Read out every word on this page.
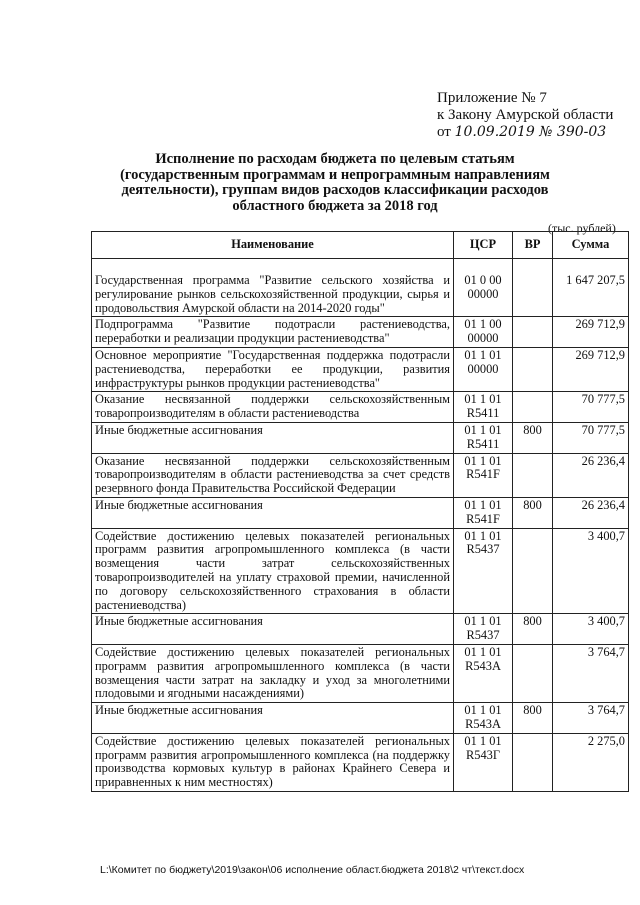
Приложение № 7
к Закону Амурской области
от 10.09.2019 № 390-03
Исполнение по расходам бюджета по целевым статьям (государственным программам и непрограммным направлениям деятельности), группам видов расходов классификации расходов областного бюджета за 2018 год
(тыс. рублей)
Наименование	ЦСР	ВР	Сумма
Государственная программа "Развитие сельского хозяйства и регулирование рынков сельскохозяйственной продукции, сырья и продовольствия Амурской области на 2014-2020 годы"	01 0 00 00000		1 647 207,5
Подпрограмма "Развитие подотрасли растениеводства, переработки и реализации продукции растениеводства"	01 1 00 00000		269 712,9
Основное мероприятие "Государственная поддержка подотрасли растениеводства, переработки ее продукции, развития инфраструктуры рынков продукции растениеводства"	01 1 01 00000		269 712,9
Оказание несвязанной поддержки сельскохозяйственным товаропроизводителям в области растениеводства	01 1 01 R5411		70 777,5
Иные бюджетные ассигнования	01 1 01 R5411	800	70 777,5
Оказание несвязанной поддержки сельскохозяйственным товаропроизводителям в области растениеводства за счет средств резервного фонда Правительства Российской Федерации	01 1 01 R541F		26 236,4
Иные бюджетные ассигнования	01 1 01 R541F	800	26 236,4
Содействие достижению целевых показателей региональных программ развития агропромышленного комплекса (в части возмещения части затрат сельскохозяйственных товаропроизводителей на уплату страховой премии, начисленной по договору сельскохозяйственного страхования в области растениеводства)	01 1 01 R5437		3 400,7
Иные бюджетные ассигнования	01 1 01 R5437	800	3 400,7
Содействие достижению целевых показателей региональных программ развития агропромышленного комплекса (в части возмещения части затрат на закладку и уход за многолетними плодовыми и ягодными насаждениями)	01 1 01 R543A		3 764,7
Иные бюджетные ассигнования	01 1 01 R543A	800	3 764,7
Содействие достижению целевых показателей региональных программ развития агропромышленного комплекса (на поддержку производства кормовых культур в районах Крайнего Севера и приравненных к ним местностях)	01 1 01 R543Г		2 275,0
L:\Комитет по бюджету\2019\закон\06 исполнение област.бюджета 2018\2 чт\текст.docx
